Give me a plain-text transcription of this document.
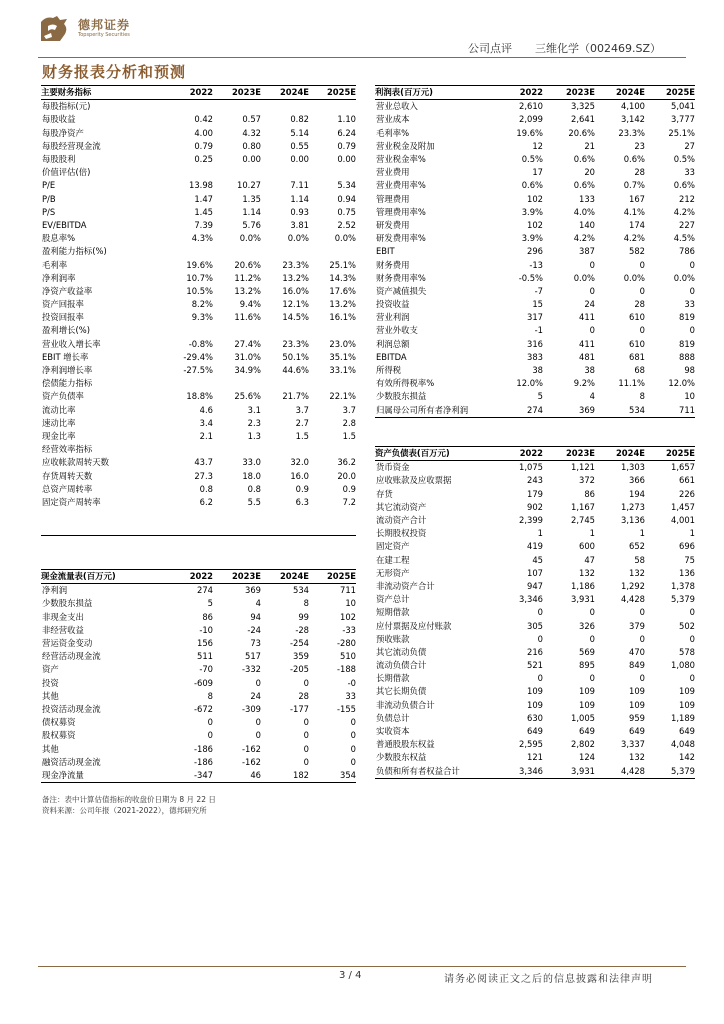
德邦证券
Topsperity Securities
公司点评 三维化学（002469.SZ）
财务报表分析和预测
主要财务指标	2022	2023E	2024E	2025E
每股指标(元)				
每股收益	0.42	0.57	0.82	1.10
每股净资产	4.00	4.32	5.14	6.24
每股经营现金流	0.79	0.80	0.55	0.79
每股股利	0.25	0.00	0.00	0.00
价值评估(倍)				
P/E	13.98	10.27	7.11	5.34
P/B	1.47	1.35	1.14	0.94
P/S	1.45	1.14	0.93	0.75
EV/EBITDA	7.39	5.76	3.81	2.52
股息率%	4.3%	0.0%	0.0%	0.0%
盈利能力指标(%)				
毛利率	19.6%	20.6%	23.3%	25.1%
净利润率	10.7%	11.2%	13.2%	14.3%
净资产收益率	10.5%	13.2%	16.0%	17.6%
资产回报率	8.2%	9.4%	12.1%	13.2%
投资回报率	9.3%	11.6%	14.5%	16.1%
盈利增长(%)				
营业收入增长率	-0.8%	27.4%	23.3%	23.0%
EBIT 增长率	-29.4%	31.0%	50.1%	35.1%
净利润增长率	-27.5%	34.9%	44.6%	33.1%
偿债能力指标				
资产负债率	18.8%	25.6%	21.7%	22.1%
流动比率	4.6	3.1	3.7	3.7
速动比率	3.4	2.3	2.7	2.8
现金比率	2.1	1.3	1.5	1.5
经营效率指标				
应收帐款周转天数	43.7	33.0	32.0	36.2
存货周转天数	27.3	18.0	16.0	20.0
总资产周转率	0.8	0.8	0.9	0.9
固定资产周转率	6.2	5.5	6.3	7.2

利润表(百万元)	2022	2023E	2024E	2025E
营业总收入	2,610	3,325	4,100	5,041
营业成本	2,099	2,641	3,142	3,777
毛利率%	19.6%	20.6%	23.3%	25.1%
营业税金及附加	12	21	23	27
营业税金率%	0.5%	0.6%	0.6%	0.5%
营业费用	17	20	28	33
营业费用率%	0.6%	0.6%	0.7%	0.6%
管理费用	102	133	167	212
管理费用率%	3.9%	4.0%	4.1%	4.2%
研发费用	102	140	174	227
研发费用率%	3.9%	4.2%	4.2%	4.5%
EBIT	296	387	582	786
财务费用	-13	0	0	0
财务费用率%	-0.5%	0.0%	0.0%	0.0%
资产减值损失	-7	0	0	0
投资收益	15	24	28	33
营业利润	317	411	610	819
营业外收支	-1	0	0	0
利润总额	316	411	610	819
EBITDA	383	481	681	888
所得税	38	38	68	98
有效所得税率%	12.0%	9.2%	11.1%	12.0%
少数股东损益	5	4	8	10
归属母公司所有者净利润	274	369	534	711
资产负债表(百万元)	2022	2023E	2024E	2025E
货币资金	1,075	1,121	1,303	1,657
应收账款及应收票据	243	372	366	661
存货	179	86	194	226
其它流动资产	902	1,167	1,273	1,457
流动资产合计	2,399	2,745	3,136	4,001
长期股权投资	1	1	1	1
固定资产	419	600	652	696
在建工程	45	47	58	75
无形资产	107	132	132	136
非流动资产合计	947	1,186	1,292	1,378
资产总计	3,346	3,931	4,428	5,379
短期借款	0	0	0	0
应付票据及应付账款	305	326	379	502
预收账款	0	0	0	0
其它流动负债	216	569	470	578
流动负债合计	521	895	849	1,080
长期借款	0	0	0	0
其它长期负债	109	109	109	109
非流动负债合计	109	109	109	109
负债总计	630	1,005	959	1,189
实收资本	649	649	649	649
普通股股东权益	2,595	2,802	3,337	4,048
少数股东权益	121	124	132	142
负债和所有者权益合计	3,346	3,931	4,428	5,379
现金流量表(百万元)	2022	2023E	2024E	2025E
净利润	274	369	534	711
少数股东损益	5	4	8	10
非现金支出	86	94	99	102
非经营收益	-10	-24	-28	-33
营运资金变动	156	73	-254	-280
经营活动现金流	511	517	359	510
资产	-70	-332	-205	-188
投资	-609	0	0	-0
其他	8	24	28	33
投资活动现金流	-672	-309	-177	-155
债权募资	0	0	0	0
股权募资	0	0	0	0
其他	-186	-162	0	0
融资活动现金流	-186	-162	0	0
现金净流量	-347	46	182	354
备注：表中计算估值指标的收盘价日期为 8 月 22 日
资料来源：公司年报（2021-2022），德邦研究所
3 / 4	请务必阅读正文之后的信息披露和法律声明
